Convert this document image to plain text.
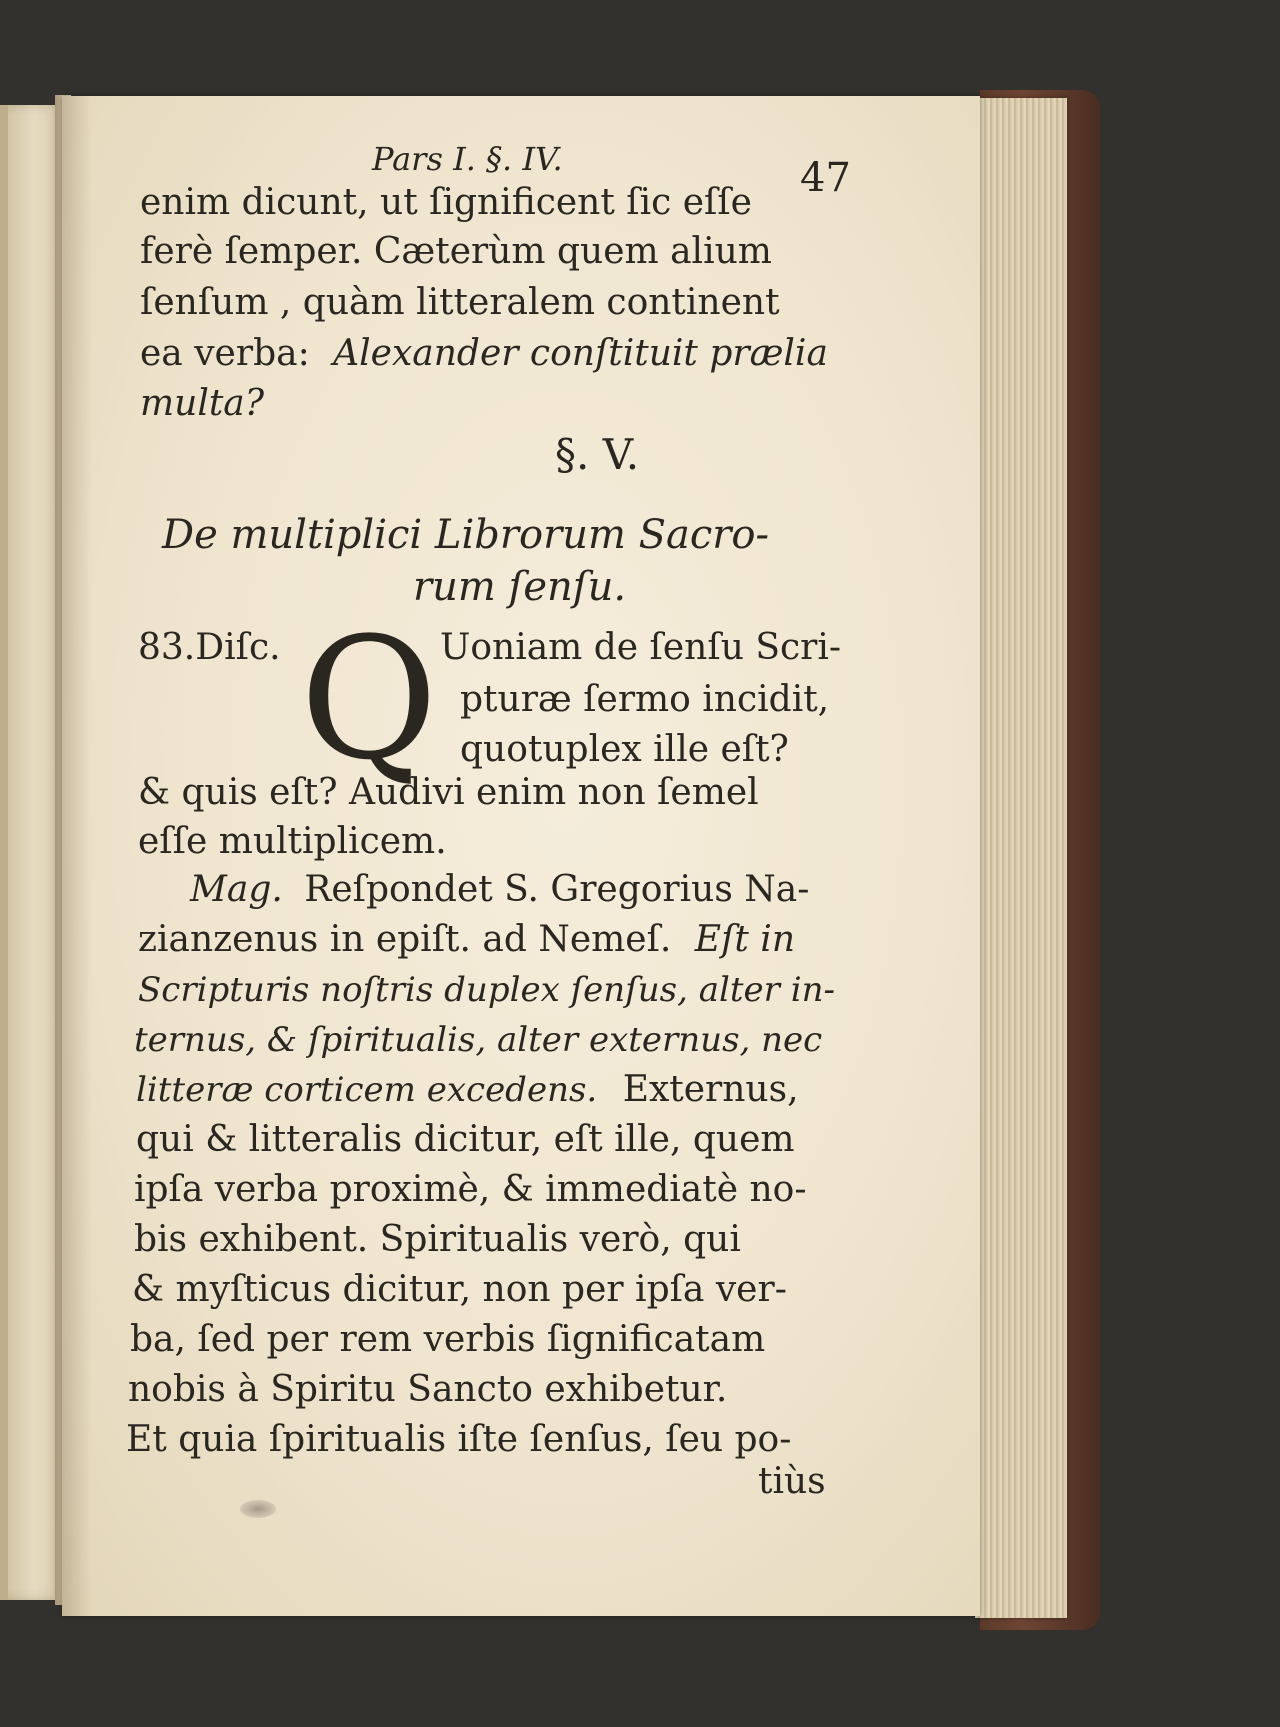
Pars I. §. IV.	47
enim dicunt, ut ſignificent ſic eſſe
ferè ſemper. Cæterùm quem alium
ſenſum , quàm litteralem continent
ea verba: Alexander conſtituit prælia
multa?
§. V.
De multiplici Librorum Sacro-
rum ſenſu.
83.Diſc. Q Uoniam de ſenſu Scri-
pturæ ſermo incidit,
quotuplex ille eſt?
& quis eſt? Audivi enim non ſemel
eſſe multiplicem.
Mag. Reſpondet S. Gregorius Na-
zianzenus in epiſt. ad Nemeſ. Eſt in
Scripturis noſtris duplex ſenſus, alter in-
ternus, & ſpiritualis, alter externus, nec
litteræ corticem excedens. Externus,
qui & litteralis dicitur, eſt ille, quem
ipſa verba proximè, & immediatè no-
bis exhibent. Spiritualis verò, qui
& myſticus dicitur, non per ipſa ver-
ba, ſed per rem verbis ſignificatam
nobis à Spiritu Sancto exhibetur.
Et quia ſpiritualis iſte ſenſus, ſeu po-
tiùs
